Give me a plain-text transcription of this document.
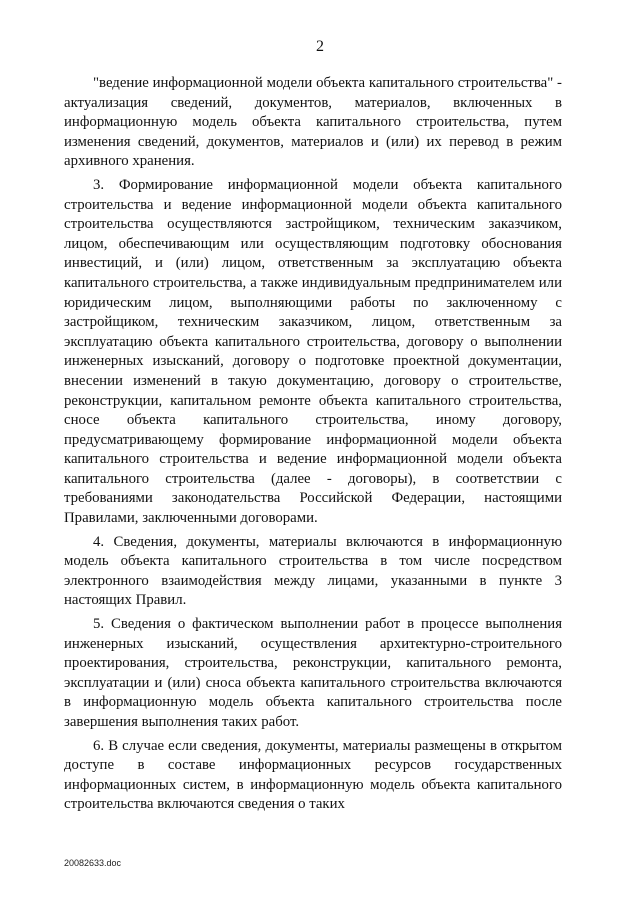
2

"ведение информационной модели объекта капитального строительства" - актуализация сведений, документов, материалов, включенных в информационную модель объекта капитального строительства, путем изменения сведений, документов, материалов и (или) их перевод в режим архивного хранения.

3. Формирование информационной модели объекта капитального строительства и ведение информационной модели объекта капитального строительства осуществляются застройщиком, техническим заказчиком, лицом, обеспечивающим или осуществляющим подготовку обоснования инвестиций, и (или) лицом, ответственным за эксплуатацию объекта капитального строительства, а также индивидуальным предпринимателем или юридическим лицом, выполняющими работы по заключенному с застройщиком, техническим заказчиком, лицом, ответственным за эксплуатацию объекта капитального строительства, договору о выполнении инженерных изысканий, договору о подготовке проектной документации, внесении изменений в такую документацию, договору о строительстве, реконструкции, капитальном ремонте объекта капитального строительства, сносе объекта капитального строительства, иному договору, предусматривающему формирование информационной модели объекта капитального строительства и ведение информационной модели объекта капитального строительства (далее - договоры), в соответствии с требованиями законодательства Российской Федерации, настоящими Правилами, заключенными договорами.

4. Сведения, документы, материалы включаются в информационную модель объекта капитального строительства в том числе посредством электронного взаимодействия между лицами, указанными в пункте 3 настоящих Правил.

5. Сведения о фактическом выполнении работ в процессе выполнения инженерных изысканий, осуществления архитектурно-строительного проектирования, строительства, реконструкции, капитального ремонта, эксплуатации и (или) сноса объекта капитального строительства включаются в информационную модель объекта капитального строительства после завершения выполнения таких работ.

6. В случае если сведения, документы, материалы размещены в открытом доступе в составе информационных ресурсов государственных информационных систем, в информационную модель объекта капитального строительства включаются сведения о таких

20082633.doc
